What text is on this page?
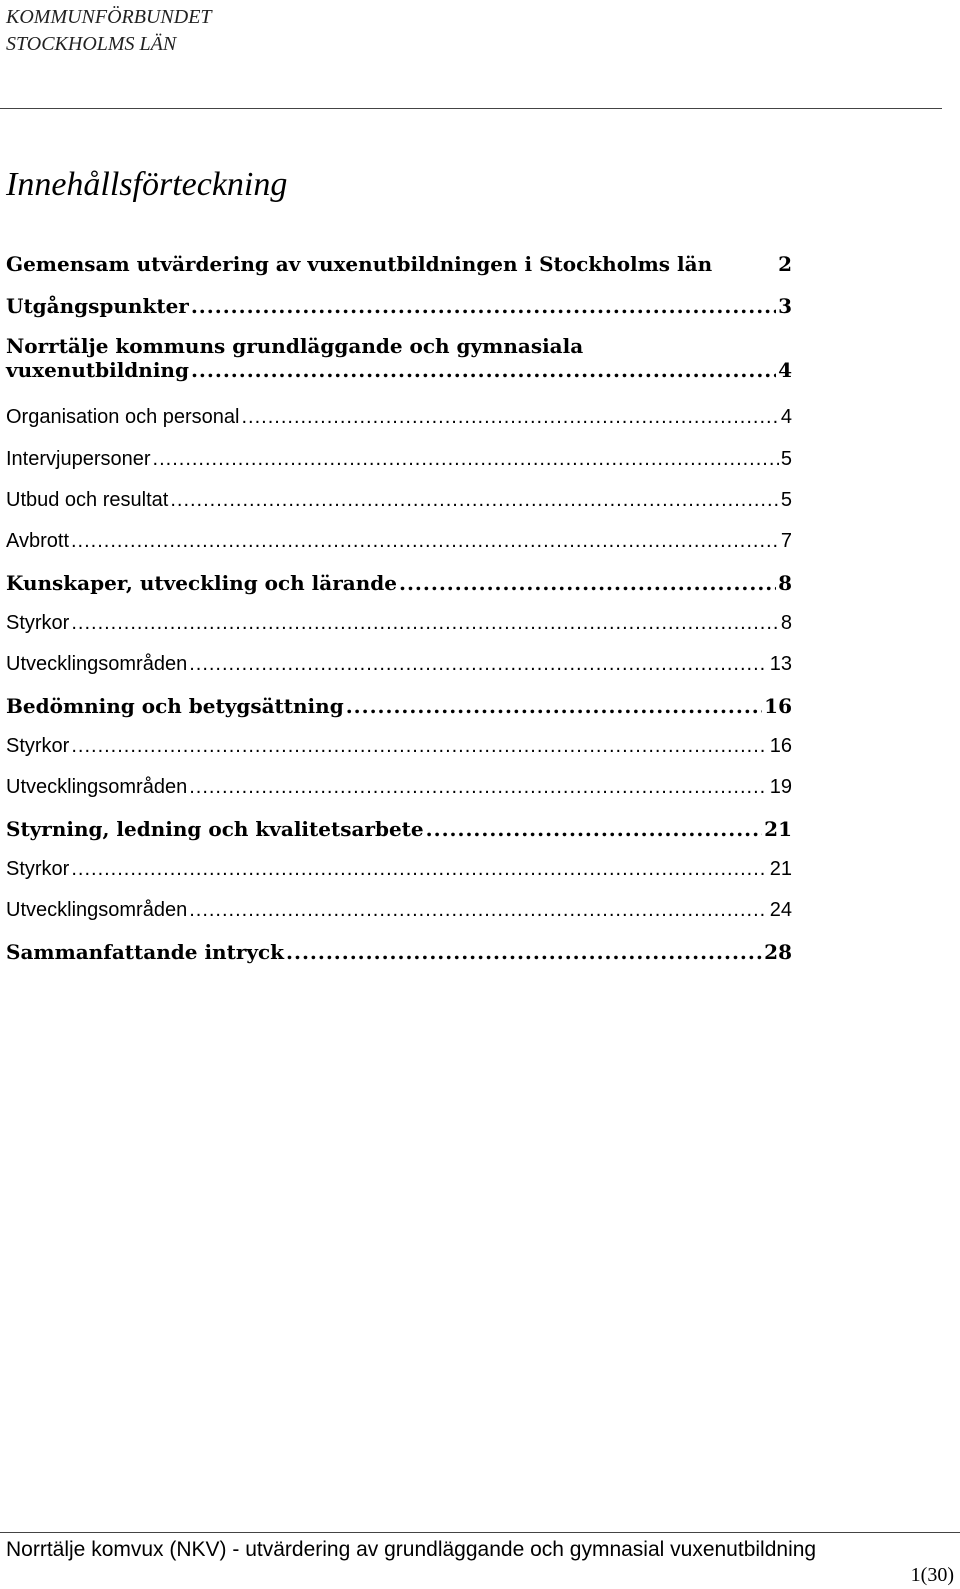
KOMMUNFÖRBUNDET
STOCKHOLMS LÄN
Innehållsförteckning
Gemensam utvärdering av vuxenutbildningen i Stockholms län	2
Utgångspunkter .....	3
Norrtälje kommuns grundläggande och gymnasiala
vuxenutbildning .....	4
Organisation och personal .....	4
Intervjupersoner .....	5
Utbud och resultat .....	5
Avbrott .....	7
Kunskaper, utveckling och lärande .....	8
Styrkor .....	8
Utvecklingsområden .....	13
Bedömning och betygsättning .....	16
Styrkor .....	16
Utvecklingsområden .....	19
Styrning, ledning och kvalitetsarbete .....	21
Styrkor .....	21
Utvecklingsområden .....	24
Sammanfattande intryck .....	28
Norrtälje komvux (NKV) - utvärdering av grundläggande och gymnasial vuxenutbildning
1(30)
